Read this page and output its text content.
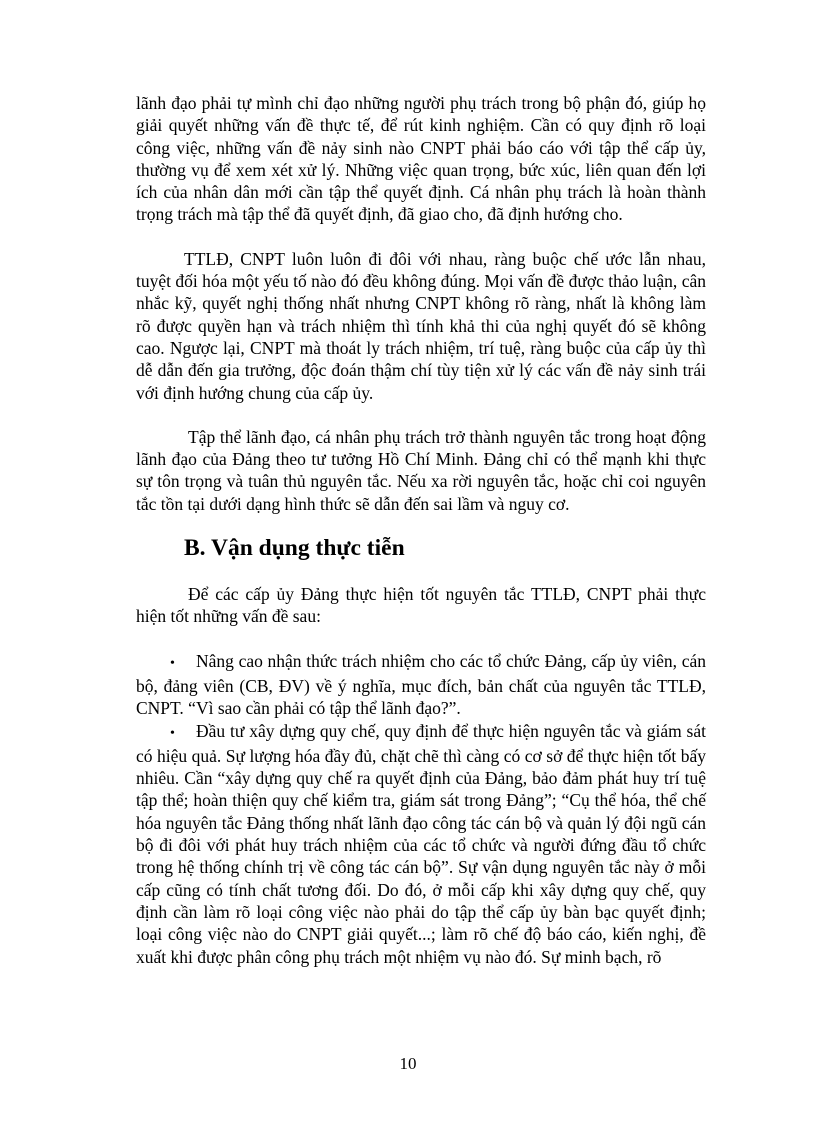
lãnh đạo phải tự mình chỉ đạo những người phụ trách trong bộ phận đó, giúp họ giải quyết những vấn đề thực tế, để rút kinh nghiệm. Cần có quy định rõ loại công việc, những vấn đề nảy sinh nào CNPT phải báo cáo với tập thể cấp ủy, thường vụ để xem xét xử lý. Những việc quan trọng, bức xúc, liên quan đến lợi ích của nhân dân mới cần tập thể quyết định. Cá nhân phụ trách là hoàn thành trọng trách mà tập thể đã quyết định, đã giao cho, đã định hướng cho.

TTLĐ, CNPT luôn luôn đi đôi với nhau, ràng buộc chế ước lẫn nhau, tuyệt đối hóa một yếu tố nào đó đều không đúng. Mọi vấn đề được thảo luận, cân nhắc kỹ, quyết nghị thống nhất nhưng CNPT không rõ ràng, nhất là không làm rõ được quyền hạn và trách nhiệm thì tính khả thi của nghị quyết đó sẽ không cao. Ngược lại, CNPT mà thoát ly trách nhiệm, trí tuệ, ràng buộc của cấp ủy thì dễ dẫn đến gia trưởng, độc đoán thậm chí tùy tiện xử lý các vấn đề nảy sinh trái với định hướng chung của cấp ủy.

Tập thể lãnh đạo, cá nhân phụ trách trở thành nguyên tắc trong hoạt động lãnh đạo của Đảng theo tư tưởng Hồ Chí Minh. Đảng chỉ có thể mạnh khi thực sự tôn trọng và tuân thủ nguyên tắc. Nếu xa rời nguyên tắc, hoặc chỉ coi nguyên tắc tồn tại dưới dạng hình thức sẽ dẫn đến sai lầm và nguy cơ.

B. Vận dụng thực tiễn

Để các cấp ủy Đảng thực hiện tốt nguyên tắc TTLĐ, CNPT phải thực hiện tốt những vấn đề sau:

• Nâng cao nhận thức trách nhiệm cho các tổ chức Đảng, cấp ủy viên, cán bộ, đảng viên (CB, ĐV) về ý nghĩa, mục đích, bản chất của nguyên tắc TTLĐ, CNPT. “Vì sao cần phải có tập thể lãnh đạo?”.

• Đầu tư xây dựng quy chế, quy định để thực hiện nguyên tắc và giám sát có hiệu quả. Sự lượng hóa đầy đủ, chặt chẽ thì càng có cơ sở để thực hiện tốt bấy nhiêu. Cần “xây dựng quy chế ra quyết định của Đảng, bảo đảm phát huy trí tuệ tập thể; hoàn thiện quy chế kiểm tra, giám sát trong Đảng”; “Cụ thể hóa, thể chế hóa nguyên tắc Đảng thống nhất lãnh đạo công tác cán bộ và quản lý đội ngũ cán bộ đi đôi với phát huy trách nhiệm của các tổ chức và người đứng đầu tổ chức trong hệ thống chính trị về công tác cán bộ”. Sự vận dụng nguyên tắc này ở mỗi cấp cũng có tính chất tương đối. Do đó, ở mỗi cấp khi xây dựng quy chế, quy định cần làm rõ loại công việc nào phải do tập thể cấp ủy bàn bạc quyết định; loại công việc nào do CNPT giải quyết...; làm rõ chế độ báo cáo, kiến nghị, đề xuất khi được phân công phụ trách một nhiệm vụ nào đó. Sự minh bạch, rõ

10
